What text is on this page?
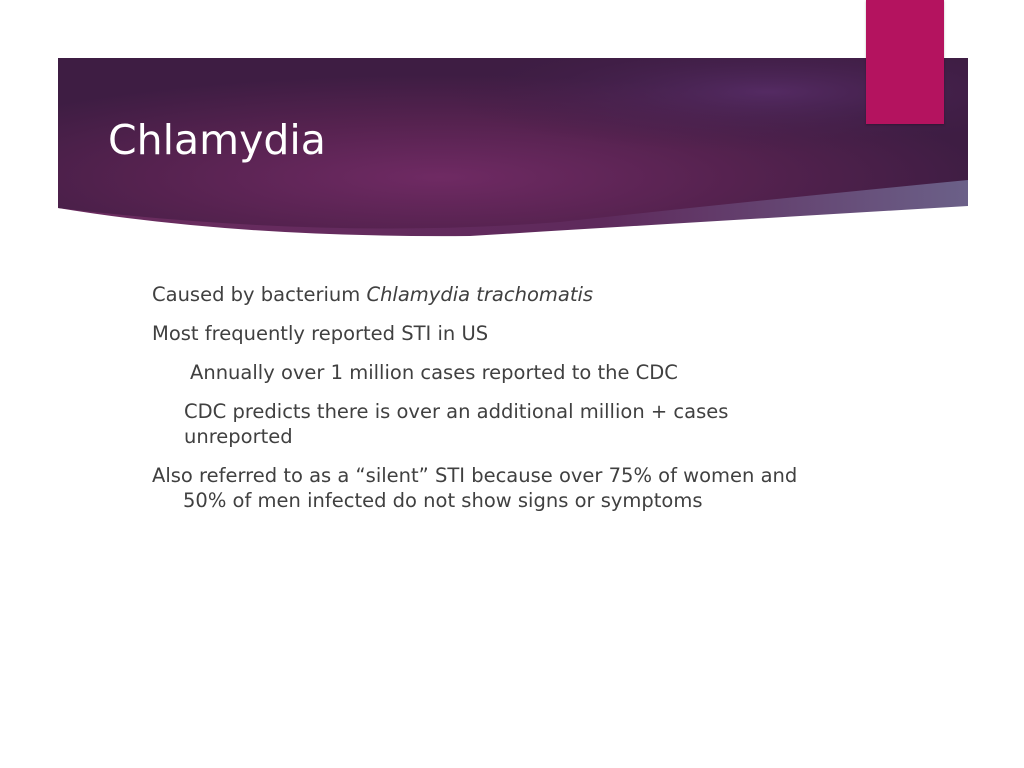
Chlamydia
Caused by bacterium Chlamydia trachomatis
Most frequently reported STI in US
Annually over 1 million cases reported to the CDC
CDC predicts there is over an additional million + cases unreported
Also referred to as a “silent” STI because over 75% of women and 50% of men infected do not show signs or symptoms
